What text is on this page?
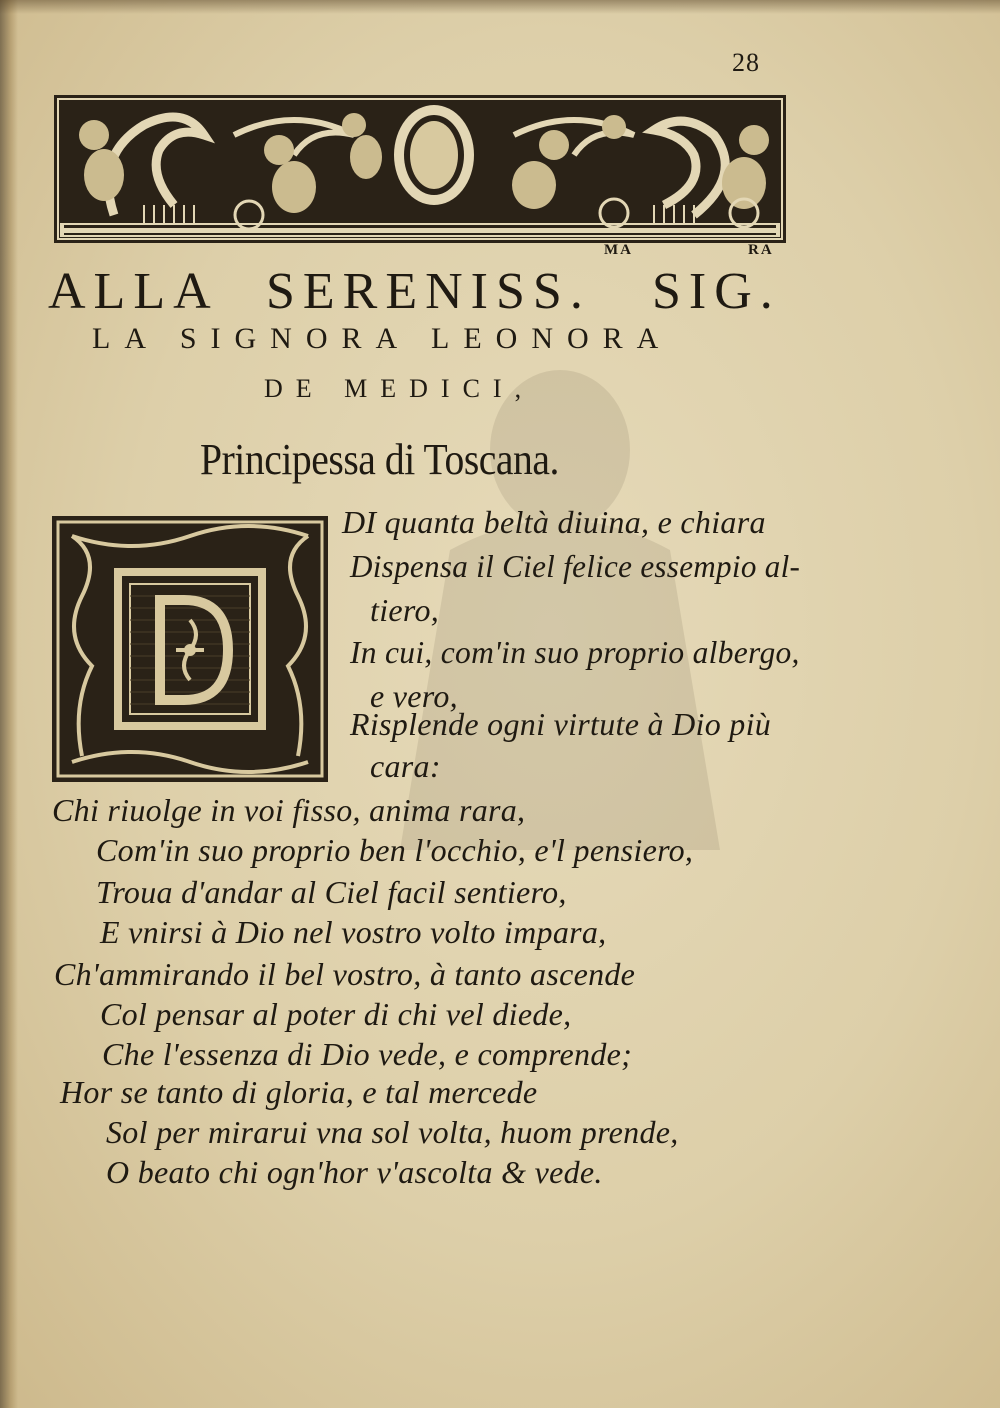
28
ALLA SERENISS.
MA
SIG.
RA
LA SIGNORA LEONORA
DE MEDICI,
Principessa di Toscana.
DI quanta beltà diuina, e chiara
Dispensa il Ciel felice essempio al-
tiero,
In cui, com'in suo proprio albergo,
e vero,
Risplende ogni virtute à Dio più
cara:
Chi riuolge in voi fisso, anima rara,
Com'in suo proprio ben l'occhio, e'l pensiero,
Troua d'andar al Ciel facil sentiero,
E vnirsi à Dio nel vostro volto impara,
Ch'ammirando il bel vostro, à tanto ascende
Col pensar al poter di chi vel diede,
Che l'essenza di Dio vede, e comprende;
Hor se tanto di gloria, e tal mercede
Sol per mirarui vna sol volta, huom prende,
O beato chi ogn'hor v'ascolta & vede.
